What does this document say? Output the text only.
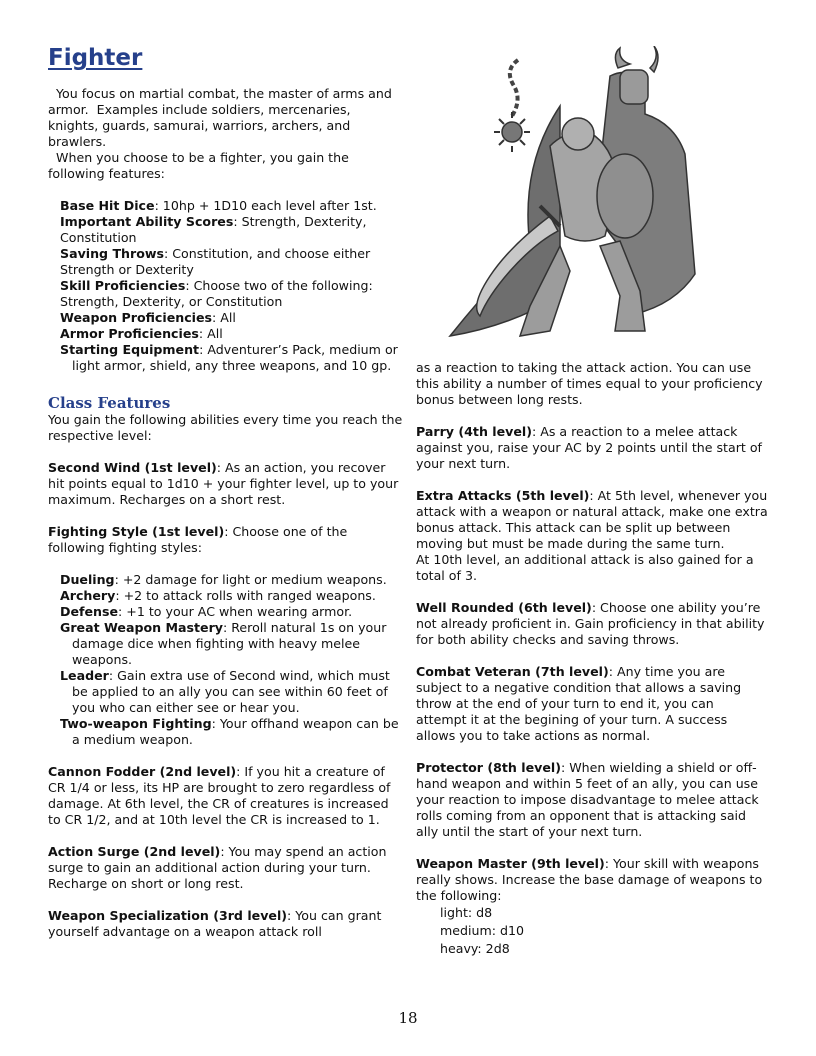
Fighter

You focus on martial combat, the master of arms and armor.  Examples include soldiers, mercenaries, knights, guards, samurai, warriors, archers, and brawlers.

When you choose to be a fighter, you gain the following features:

Base Hit Dice: 10hp + 1D10 each level after 1st.

Important Ability Scores: Strength, Dexterity, Constitution

Saving Throws: Constitution, and choose either Strength or Dexterity

Skill Proficiencies: Choose two of the following: Strength, Dexterity, or Constitution

Weapon Proficiencies: All

Armor Proficiencies: All

Starting Equipment: Adventurer’s Pack, medium or light armor, shield, any three weapons, and 10 gp.

Class Features

You gain the following abilities every time you reach the respective level:

Second Wind (1st level): As an action, you recover hit points equal to 1d10 + your fighter level, up to your maximum. Recharges on a short rest.

Fighting Style (1st level): Choose one of the following fighting styles:

Dueling: +2 damage for light or medium weapons.

Archery: +2 to attack rolls with ranged weapons.

Defense: +1 to your AC when wearing armor.

Great Weapon Mastery: Reroll natural 1s on your damage dice when fighting with heavy melee weapons.

Leader: Gain extra use of Second wind, which must be applied to an ally you can see within 60 feet of you who can either see or hear you.

Two-weapon Fighting: Your offhand weapon can be a medium weapon.

Cannon Fodder (2nd level): If you hit a creature of CR 1/4 or less, its HP are brought to zero regardless of damage. At 6th level, the CR of creatures is increased to CR 1/2, and at 10th level the CR is increased to 1.

Action Surge (2nd level): You may spend an action surge to gain an additional action during your turn. Recharge on short or long rest.

Weapon Specialization (3rd level): You can grant yourself advantage on a weapon attack roll

as a reaction to taking the attack action. You can use this ability a number of times equal to your proficiency bonus between long rests.

Parry (4th level): As a reaction to a melee attack against you, raise your AC by 2 points until the start of your next turn.

Extra Attacks (5th level): At 5th level, whenever you attack with a weapon or natural attack, make one extra bonus attack. This attack can be split up between moving but must be made during the same turn.

At 10th level, an additional attack is also gained for a total of 3.

Well Rounded (6th level): Choose one ability you’re not already proficient in. Gain proficiency in that ability for both ability checks and saving throws.

Combat Veteran (7th level): Any time you are subject to a negative condition that allows a saving throw at the end of your turn to end it, you can attempt it at the begining of your turn. A success allows you to take actions as normal.

Protector (8th level): When wielding a shield or off-hand weapon and within 5 feet of an ally, you can use your reaction to impose disadvantage to melee attack rolls coming from an opponent that is attacking said ally until the start of your next turn.

Weapon Master (9th level): Your skill with weapons really shows. Increase the base damage of weapons to the following:

light: d8
medium: d10
heavy: 2d8
18
